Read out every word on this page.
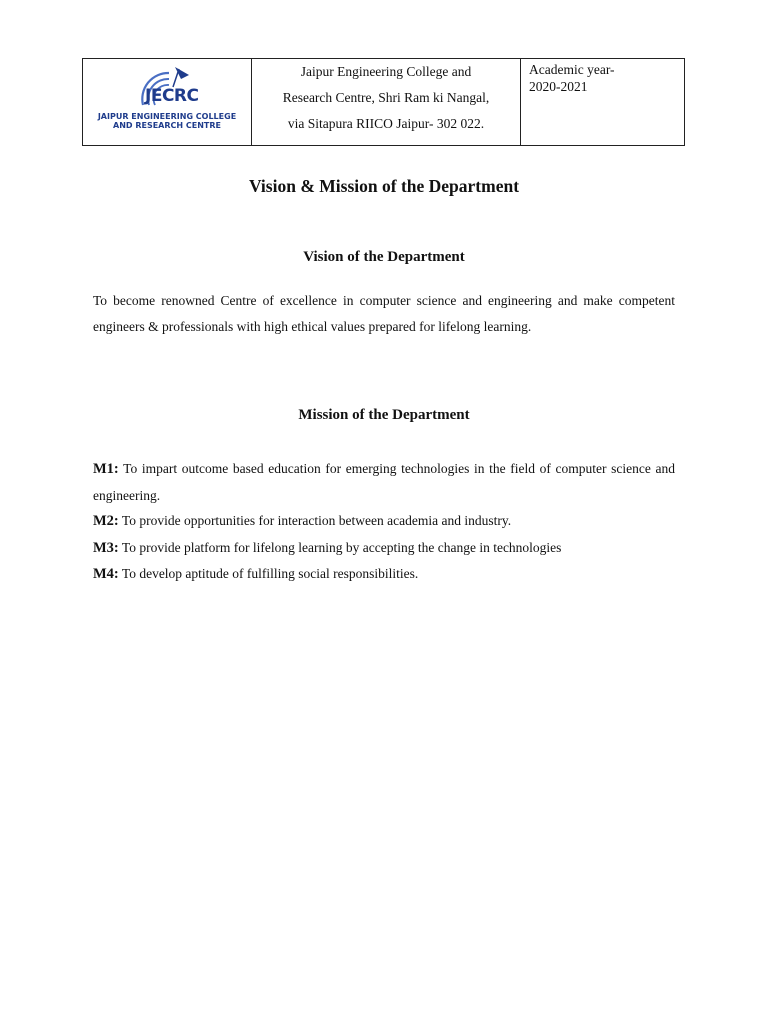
JECRC
JAIPUR ENGINEERING COLLEGE
AND RESEARCH CENTRE

Jaipur Engineering College and
Research Centre, Shri Ram ki Nangal,
via Sitapura RIICO Jaipur- 302 022.

Academic year-
2020-2021
Vision & Mission of the Department
Vision of the Department

To become renowned Centre of excellence in computer science and engineering and make competent engineers & professionals with high ethical values prepared for lifelong learning.

Mission of the Department

M1: To impart outcome based education for emerging technologies in the field of computer science and engineering.

M2: To provide opportunities for interaction between academia and industry.

M3: To provide platform for lifelong learning by accepting the change in technologies

M4: To develop aptitude of fulfilling social responsibilities.
